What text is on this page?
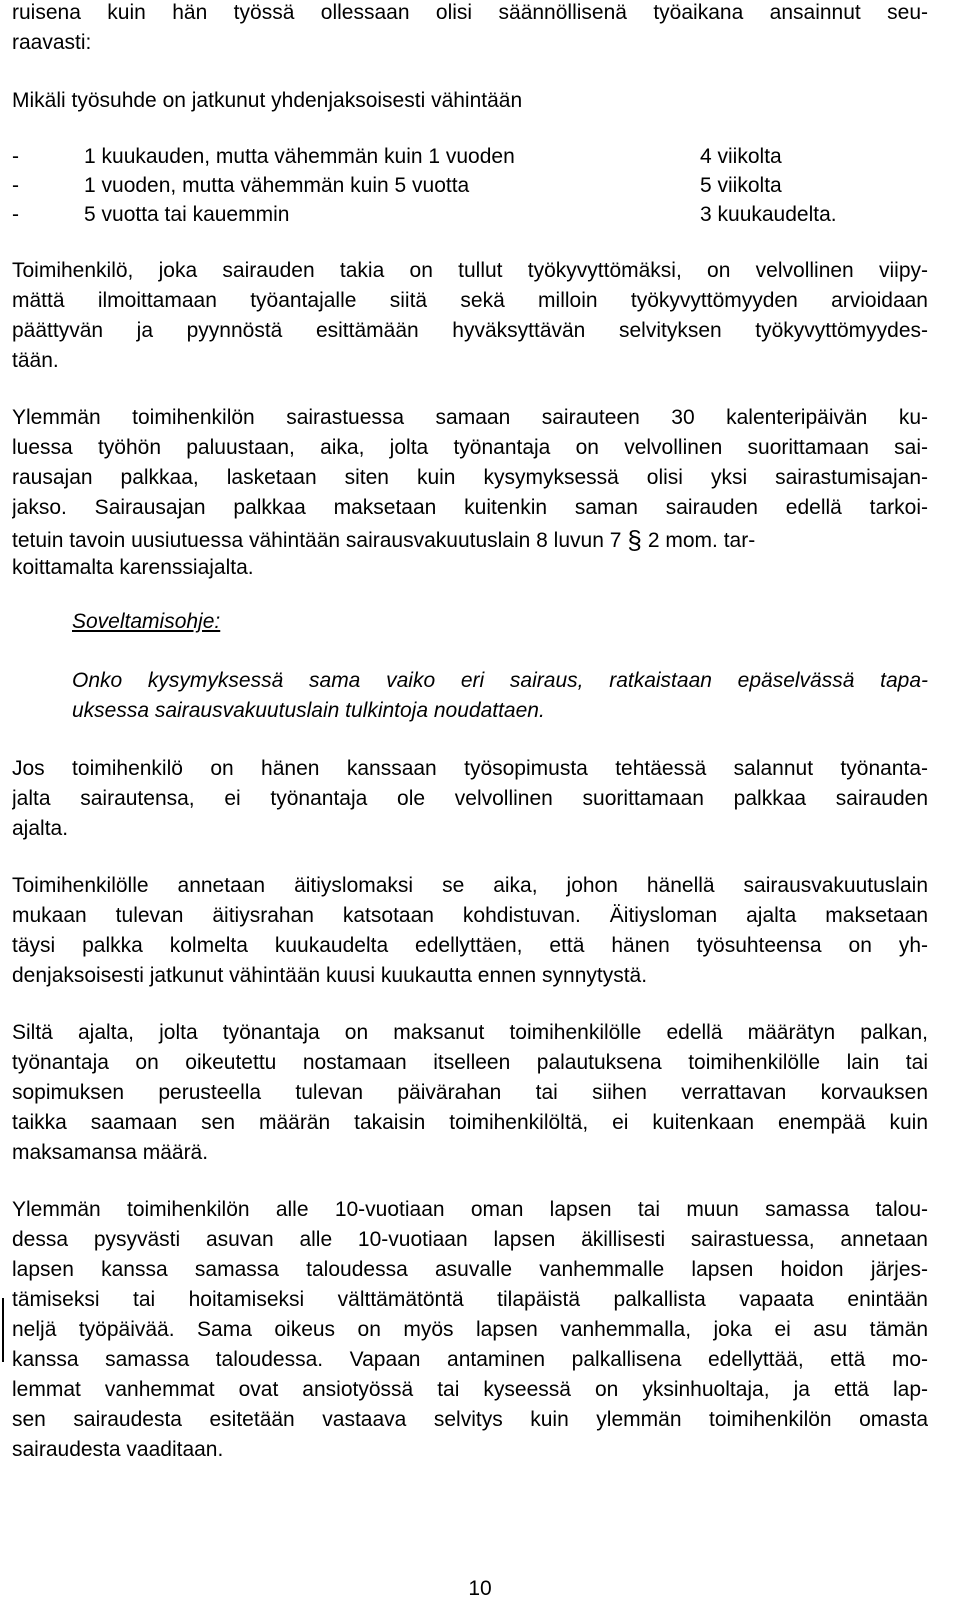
ruisena kuin hän työssä ollessaan olisi säännöllisenä työaikana ansainnut seu-
raavasti:
Mikäli työsuhde on jatkunut yhdenjaksoisesti vähintään
-	1 kuukauden, mutta vähemmän kuin 1 vuoden	4 viikolta
-	1 vuoden, mutta vähemmän kuin 5 vuotta	5 viikolta
-	5 vuotta tai kauemmin	3 kuukaudelta.
Toimihenkilö, joka sairauden takia on tullut työkyvyttömäksi, on velvollinen viipy-
mättä ilmoittamaan työantajalle siitä sekä milloin työkyvyttömyyden arvioidaan
päättyvän ja pyynnöstä esittämään hyväksyttävän selvityksen työkyvyttömyydes-
tään.
Ylemmän toimihenkilön sairastuessa samaan sairauteen 30 kalenteripäivän ku-
luessa työhön paluustaan, aika, jolta työnantaja on velvollinen suorittamaan sai-
rausajan palkkaa, lasketaan siten kuin kysymyksessä olisi yksi sairastumisajan-
jakso. Sairausajan palkkaa maksetaan kuitenkin saman sairauden edellä tarkoi-
tetuin tavoin uusiutuessa vähintään sairausvakuutuslain 8 luvun 7 § 2 mom. tar-
koittamalta karenssiajalta.
Soveltamisohje:
Onko kysymyksessä sama vaiko eri sairaus, ratkaistaan epäselvässä tapa-
uksessa sairausvakuutuslain tulkintoja noudattaen.
Jos toimihenkilö on hänen kanssaan työsopimusta tehtäessä salannut työnanta-
jalta sairautensa, ei työnantaja ole velvollinen suorittamaan palkkaa sairauden
ajalta.
Toimihenkilölle annetaan äitiyslomaksi se aika, johon hänellä sairausvakuutuslain
mukaan tulevan äitiysrahan katsotaan kohdistuvan. Äitiysloman ajalta maksetaan
täysi palkka kolmelta kuukaudelta edellyttäen, että hänen työsuhteensa on yh-
denjaksoisesti jatkunut vähintään kuusi kuukautta ennen synnytystä.
Siltä ajalta, jolta työnantaja on maksanut toimihenkilölle edellä määrätyn palkan,
työnantaja on oikeutettu nostamaan itselleen palautuksena toimihenkilölle lain tai
sopimuksen perusteella tulevan päivärahan tai siihen verrattavan korvauksen
taikka saamaan sen määrän takaisin toimihenkilöltä, ei kuitenkaan enempää kuin
maksamansa määrä.
Ylemmän toimihenkilön alle 10-vuotiaan oman lapsen tai muun samassa talou-
dessa pysyvästi asuvan alle 10-vuotiaan lapsen äkillisesti sairastuessa, annetaan
lapsen kanssa samassa taloudessa asuvalle vanhemmalle lapsen hoidon järjes-
tämiseksi tai hoitamiseksi välttämätöntä tilapäistä palkallista vapaata enintään
neljä työpäivää. Sama oikeus on myös lapsen vanhemmalla, joka ei asu tämän
kanssa samassa taloudessa. Vapaan antaminen palkallisena edellyttää, että mo-
lemmat vanhemmat ovat ansiotyössä tai kyseessä on yksinhuoltaja, ja että lap-
sen sairaudesta esitetään vastaava selvitys kuin ylemmän toimihenkilön omasta
sairaudesta vaaditaan.
10
